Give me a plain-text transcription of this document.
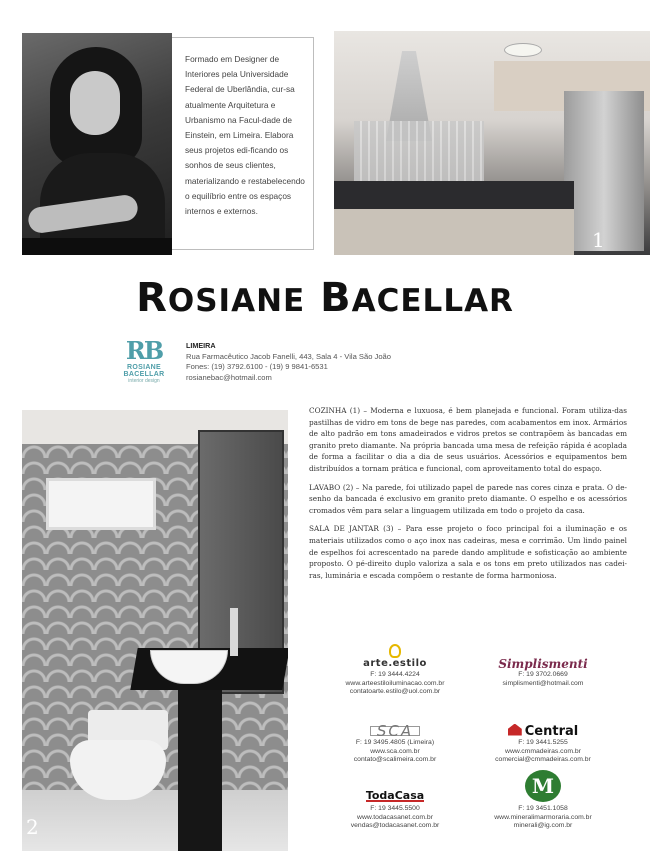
Formado em Designer de Interiores pela Universidade Federal de Uberlândia, cur-sa atualmente Arquitetura e Urbanismo na Facul-dade de Einstein, em Limeira. Elabora seus projetos edi-ficando os sonhos de seus clientes, materializando e restabelecendo o equilíbrio entre os espaços internos e externos.
1
ROSIANE BACELLAR
RB
ROSIANE BACELLAR
interior design
LIMEIRA
Rua Farmacêutico Jacob Fanelli, 443, Sala 4 - Vila São João
Fones: (19) 3792.6100 - (19) 9 9841-6531
rosianebac@hotmail.com
2

COZINHA (1) – Moderna e luxuosa, é bem planejada e funcional. Foram utiliza-das pastilhas de vidro em tons de bege nas paredes, com acabamentos em inox. Armários de alto padrão em tons amadeirados e vidros pretos se contrapõem às bancadas em granito preto diamante. Na própria bancada uma mesa de refeição rápida é acoplada de forma a facilitar o dia a dia de seus usuários. Acessórios e equipamentos bem distribuídos a tornam prática e funcional, com aproveitamento total do espaço.

LAVABO (2) – Na parede, foi utilizado papel de parede nas cores cinza e prata. O de-senho da bancada é exclusivo em granito preto diamante. O espelho e os acessórios cromados vêm para selar a linguagem utilizada em todo o projeto da casa.

SALA DE JANTAR (3) – Para esse projeto o foco principal foi a iluminação e os materiais utilizados como o aço inox nas cadeiras, mesa e corrimão. Um lindo painel de espelhos foi acrescentado na parede dando amplitude e sofisticação ao ambiente proposto. O pé-direito duplo valoriza a sala e os tons em preto utilizados nas cadei-ras, luminária e escada compõem o restante de forma harmoniosa.

arte.estilo
F: 19 3444.4224
www.arteestiloiluminacao.com.br
contatoarte.estilo@uol.com.br
Simplismenti
F: 19 3702.0669
simplismenti@hotmail.com
SCA
F: 19 3495.4805 (Limeira)
www.sca.com.br
contato@scalimeira.com.br
Central
F: 19 3441.5255
www.cmmadeiras.com.br
comercial@cmmadeiras.com.br
TodaCasa
F: 19 3445.5500
www.todacasanet.com.br
vendas@todacasanet.com.br
M
F: 19 3451.1058
www.mineralimarmoraria.com.br
minerali@ig.com.br
